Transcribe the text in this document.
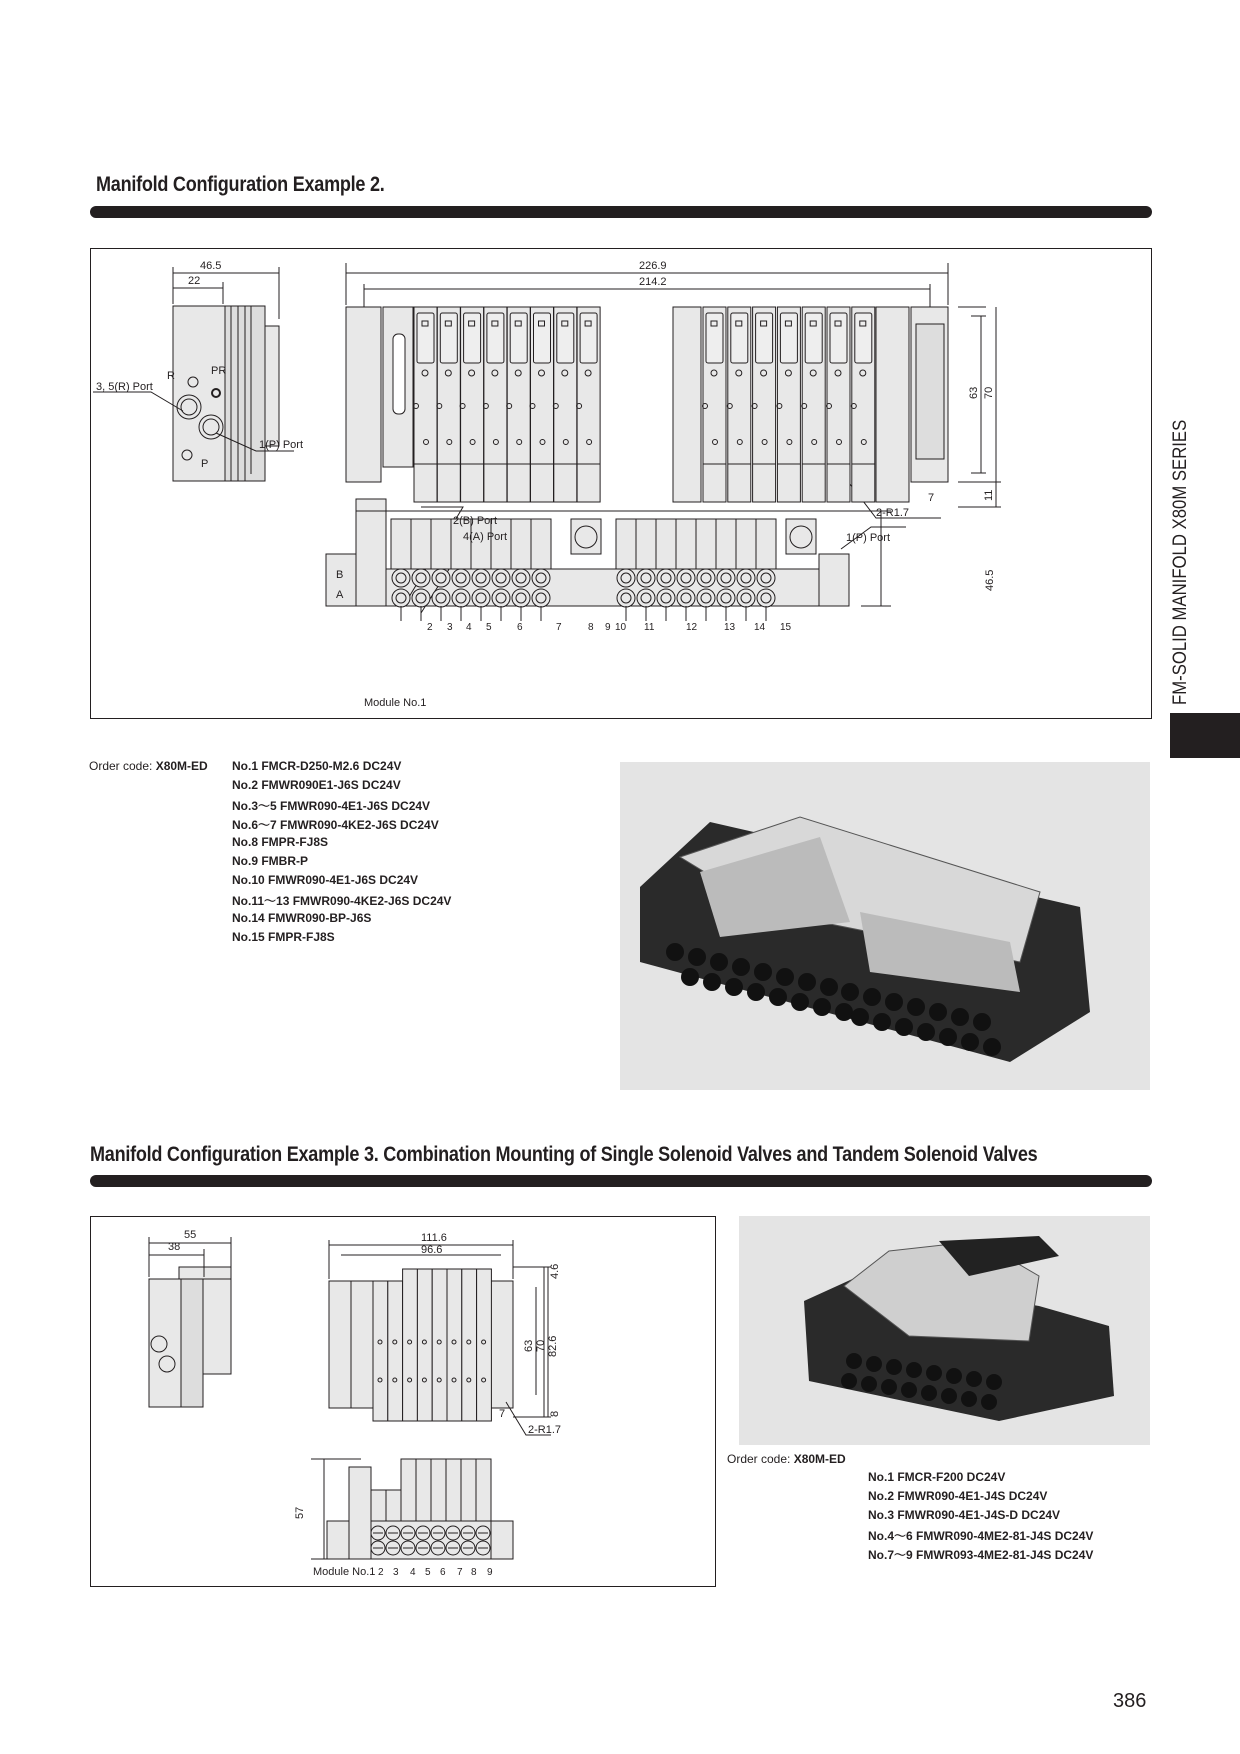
Manifold Configuration Example 2.
46.5
22
3, 5(R) Port
1(P) Port
PR
R
P
226.9
214.2
63 70
11
7
2-R1.7
1(P) Port
2(B) Port
4(A) Port
46.5
B
A
Module No.1
2 3 4 5	6	7	8 9 10 11	12	13 14 15
Order code: X80M-ED No.1 FMCR-D250-M2.6 DC24V
No.2 FMWR090E1-J6S DC24V
No.3～5 FMWR090-4E1-J6S DC24V
No.6～7 FMWR090-4KE2-J6S DC24V
No.8 FMPR-FJ8S
No.9 FMBR-P
No.10 FMWR090-4E1-J6S DC24V
No.11～13 FMWR090-4KE2-J6S DC24V
No.14 FMWR090-BP-J6S
No.15 FMPR-FJ8S
FM-SOLID MANIFOLD X80M SERIES
Manifold Configuration Example 3. Combination Mounting of Single Solenoid Valves and Tandem Solenoid Valves
55
38
111.6
96.6
4.6
63 70 82.6
8
7
2-R1.7
57
Module No.1 2 3 4 5 6 7 8 9
Order code: X80M-ED
No.1 FMCR-F200 DC24V
No.2 FMWR090-4E1-J4S DC24V
No.3 FMWR090-4E1-J4S-D DC24V
No.4～6 FMWR090-4ME2-81-J4S DC24V
No.7～9 FMWR093-4ME2-81-J4S DC24V
386
